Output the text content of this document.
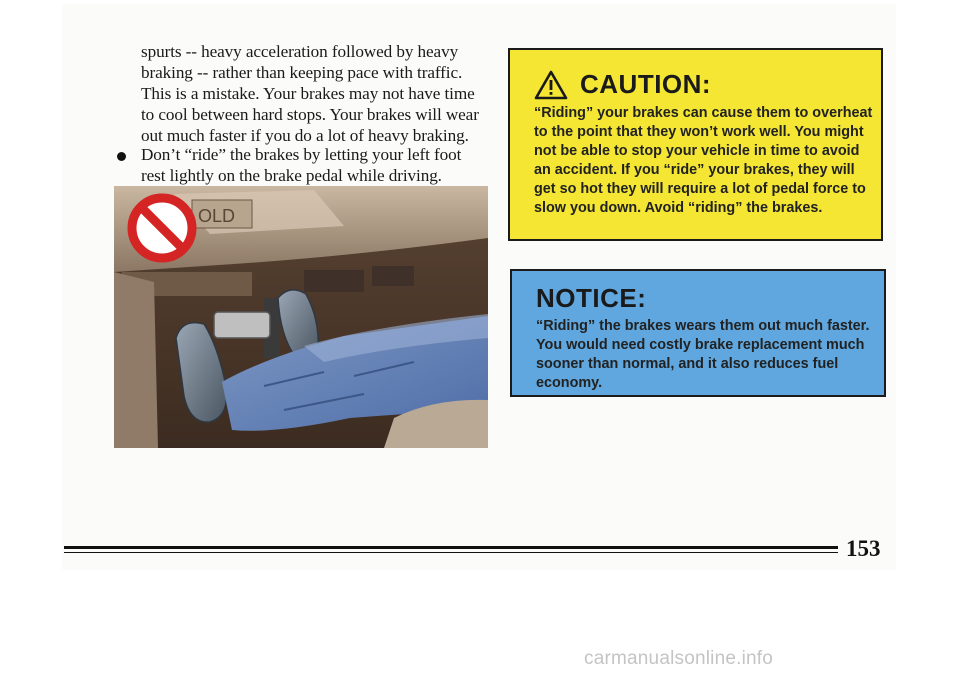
spurts -- heavy acceleration followed by heavy braking -- rather than keeping pace with traffic. This is a mistake. Your brakes may not have time to cool between hard stops. Your brakes will wear out much faster if you do a lot of heavy braking.
Don’t “ride” the brakes by letting your left foot rest lightly on the brake pedal while driving.
OLD
CAUTION:
“Riding” your brakes can cause them to overheat to the point that they won’t work well. You might not be able to stop your vehicle in time to avoid an accident. If you “ride” your brakes, they will get so hot they will require a lot of pedal force to slow you down. Avoid “riding” the brakes.
NOTICE:
“Riding” the brakes wears them out much faster. You would need costly brake replacement much sooner than normal, and it also reduces fuel economy.
153
carmanualsonline.info
